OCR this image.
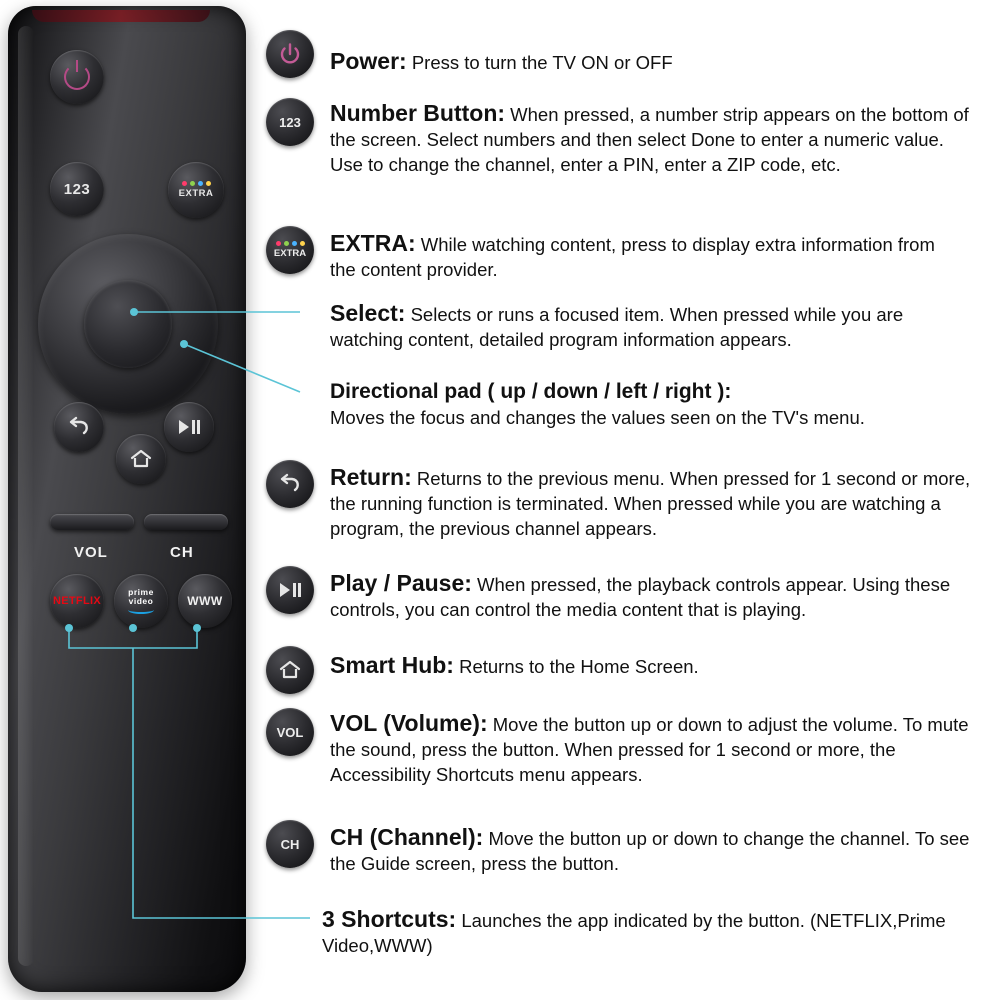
123	EXTRA
VOL	CH
NETFLIX
prime
video	WWW
123
EXTRA
VOL
CH
Power: Press to turn the TV ON or OFF
Number Button: When pressed, a number strip appears on the bottom of the screen. Select numbers and then select Done to enter a numeric value. Use to change the channel, enter a PIN, enter a ZIP code, etc.
EXTRA: While watching content, press to display extra information from the content provider.
Select: Selects or runs a focused item. When pressed while you are watching content, detailed program information appears.
Directional pad ( up / down / left / right ):
Moves the focus and changes the values seen on the TV's menu.
Return: Returns to the previous menu. When pressed for 1 second or more, the running function is terminated. When pressed while you are watching a program, the previous channel appears.
Play / Pause: When pressed, the playback controls appear. Using these controls, you can control the media content that is playing.
Smart Hub: Returns to the Home Screen.
VOL (Volume): Move the button up or down to adjust the volume. To mute the sound, press the button. When pressed for 1 second or more, the Accessibility Shortcuts menu appears.
CH (Channel): Move the button up or down to change the channel. To see the Guide screen, press the button.
3 Shortcuts: Launches the app indicated by the button. (NETFLIX,Prime Video,WWW)
